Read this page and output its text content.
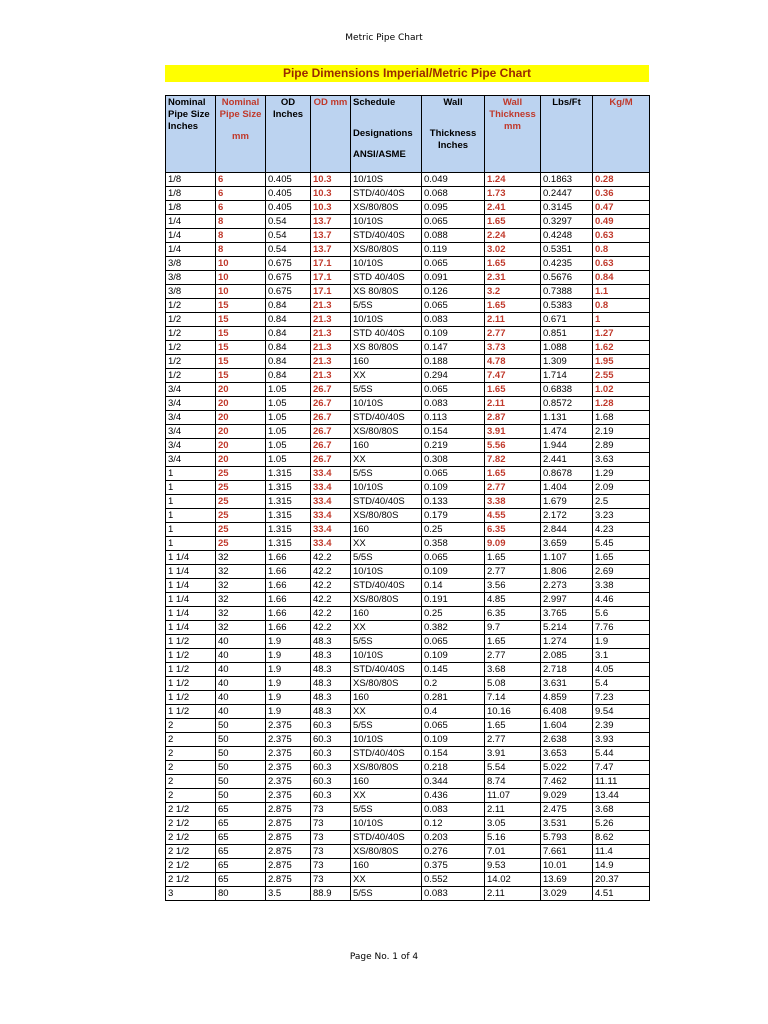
Metric Pipe Chart
Pipe Dimensions Imperial/Metric Pipe Chart
Nominal
Pipe Size
Inches	Nominal
Pipe Size
mm	OD
Inches	OD mm	Schedule
Designations
ANSI/ASME	Wall
Thickness
Inches	Wall
Thickness
mm	Lbs/Ft	Kg/M

1/8	6	0.405	10.3	10/10S	0.049	1.24	0.1863	0.28
1/8	6	0.405	10.3	STD/40/40S	0.068	1.73	0.2447	0.36
1/8	6	0.405	10.3	XS/80/80S	0.095	2.41	0.3145	0.47
1/4	8	0.54	13.7	10/10S	0.065	1.65	0.3297	0.49
1/4	8	0.54	13.7	STD/40/40S	0.088	2.24	0.4248	0.63
1/4	8	0.54	13.7	XS/80/80S	0.119	3.02	0.5351	0.8
3/8	10	0.675	17.1	10/10S	0.065	1.65	0.4235	0.63
3/8	10	0.675	17.1	STD 40/40S	0.091	2.31	0.5676	0.84
3/8	10	0.675	17.1	XS 80/80S	0.126	3.2	0.7388	1.1
1/2	15	0.84	21.3	5/5S	0.065	1.65	0.5383	0.8
1/2	15	0.84	21.3	10/10S	0.083	2.11	0.671	1
1/2	15	0.84	21.3	STD 40/40S	0.109	2.77	0.851	1.27
1/2	15	0.84	21.3	XS 80/80S	0.147	3.73	1.088	1.62
1/2	15	0.84	21.3	160	0.188	4.78	1.309	1.95
1/2	15	0.84	21.3	XX	0.294	7.47	1.714	2.55
3/4	20	1.05	26.7	5/5S	0.065	1.65	0.6838	1.02
3/4	20	1.05	26.7	10/10S	0.083	2.11	0.8572	1.28
3/4	20	1.05	26.7	STD/40/40S	0.113	2.87	1.131	1.68
3/4	20	1.05	26.7	XS/80/80S	0.154	3.91	1.474	2.19
3/4	20	1.05	26.7	160	0.219	5.56	1.944	2.89
3/4	20	1.05	26.7	XX	0.308	7.82	2.441	3.63
1	25	1.315	33.4	5/5S	0.065	1.65	0.8678	1.29
1	25	1.315	33.4	10/10S	0.109	2.77	1.404	2.09
1	25	1.315	33.4	STD/40/40S	0.133	3.38	1.679	2.5
1	25	1.315	33.4	XS/80/80S	0.179	4.55	2.172	3.23
1	25	1.315	33.4	160	0.25	6.35	2.844	4.23
1	25	1.315	33.4	XX	0.358	9.09	3.659	5.45
1 1/4	32	1.66	42.2	5/5S	0.065	1.65	1.107	1.65
1 1/4	32	1.66	42.2	10/10S	0.109	2.77	1.806	2.69
1 1/4	32	1.66	42.2	STD/40/40S	0.14	3.56	2.273	3.38
1 1/4	32	1.66	42.2	XS/80/80S	0.191	4.85	2.997	4.46
1 1/4	32	1.66	42.2	160	0.25	6.35	3.765	5.6
1 1/4	32	1.66	42.2	XX	0.382	9.7	5.214	7.76
1 1/2	40	1.9	48.3	5/5S	0.065	1.65	1.274	1.9
1 1/2	40	1.9	48.3	10/10S	0.109	2.77	2.085	3.1
1 1/2	40	1.9	48.3	STD/40/40S	0.145	3.68	2.718	4.05
1 1/2	40	1.9	48.3	XS/80/80S	0.2	5.08	3.631	5.4
1 1/2	40	1.9	48.3	160	0.281	7.14	4.859	7.23
1 1/2	40	1.9	48.3	XX	0.4	10.16	6.408	9.54
2	50	2.375	60.3	5/5S	0.065	1.65	1.604	2.39
2	50	2.375	60.3	10/10S	0.109	2.77	2.638	3.93
2	50	2.375	60.3	STD/40/40S	0.154	3.91	3.653	5.44
2	50	2.375	60.3	XS/80/80S	0.218	5.54	5.022	7.47
2	50	2.375	60.3	160	0.344	8.74	7.462	11.11
2	50	2.375	60.3	XX	0.436	11.07	9.029	13.44
2 1/2	65	2.875	73	5/5S	0.083	2.11	2.475	3.68
2 1/2	65	2.875	73	10/10S	0.12	3.05	3.531	5.26
2 1/2	65	2.875	73	STD/40/40S	0.203	5.16	5.793	8.62
2 1/2	65	2.875	73	XS/80/80S	0.276	7.01	7.661	11.4
2 1/2	65	2.875	73	160	0.375	9.53	10.01	14.9
2 1/2	65	2.875	73	XX	0.552	14.02	13.69	20.37
3	80	3.5	88.9	5/5S	0.083	2.11	3.029	4.51
Page No. 1 of 4
